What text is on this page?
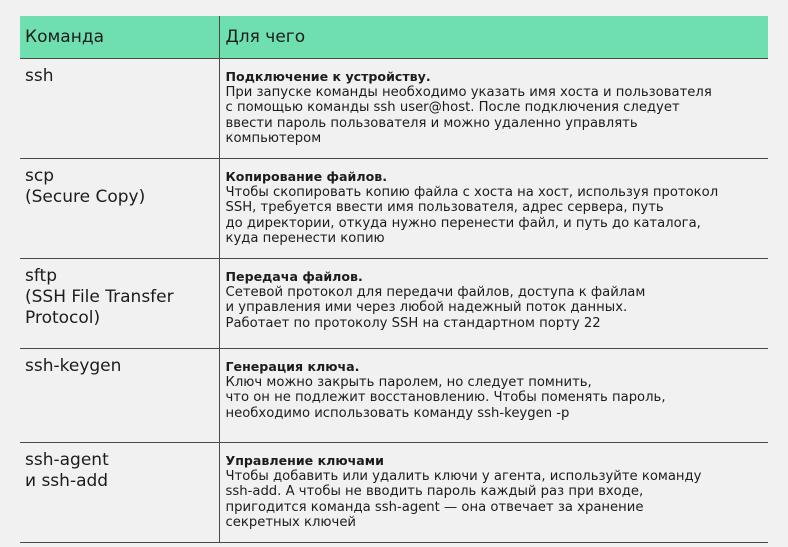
Команда	Для чего

ssh	Подключение к устройству.
При запуске команды необходимо указать имя хоста и пользователя
с помощью команды ssh user@host. После подключения следует
ввести пароль пользователя и можно удаленно управлять
компьютером

scp
(Secure Copy)	Копирование файлов.
Чтобы скопировать копию файла с хоста на хост, используя протокол
SSH, требуется ввести имя пользователя, адрес сервера, путь
до директории, откуда нужно перенести файл, и путь до каталога,
куда перенести копию

sftp
(SSH File Transfer
Protocol)	Передача файлов.
Сетевой протокол для передачи файлов, доступа к файлам
и управления ими через любой надежный поток данных.
Работает по протоколу SSH на стандартном порту 22

ssh-keygen	Генерация ключа.
Ключ можно закрыть паролем, но следует помнить,
что он не подлежит восстановлению. Чтобы поменять пароль,
необходимо использовать команду ssh-keygen -p

ssh-agent
и ssh-add	Управление ключами
Чтобы добавить или удалить ключи у агента, используйте команду
ssh-add. А чтобы не вводить пароль каждый раз при входе,
пригодится команда ssh-agent — она отвечает за хранение
секретных ключей
